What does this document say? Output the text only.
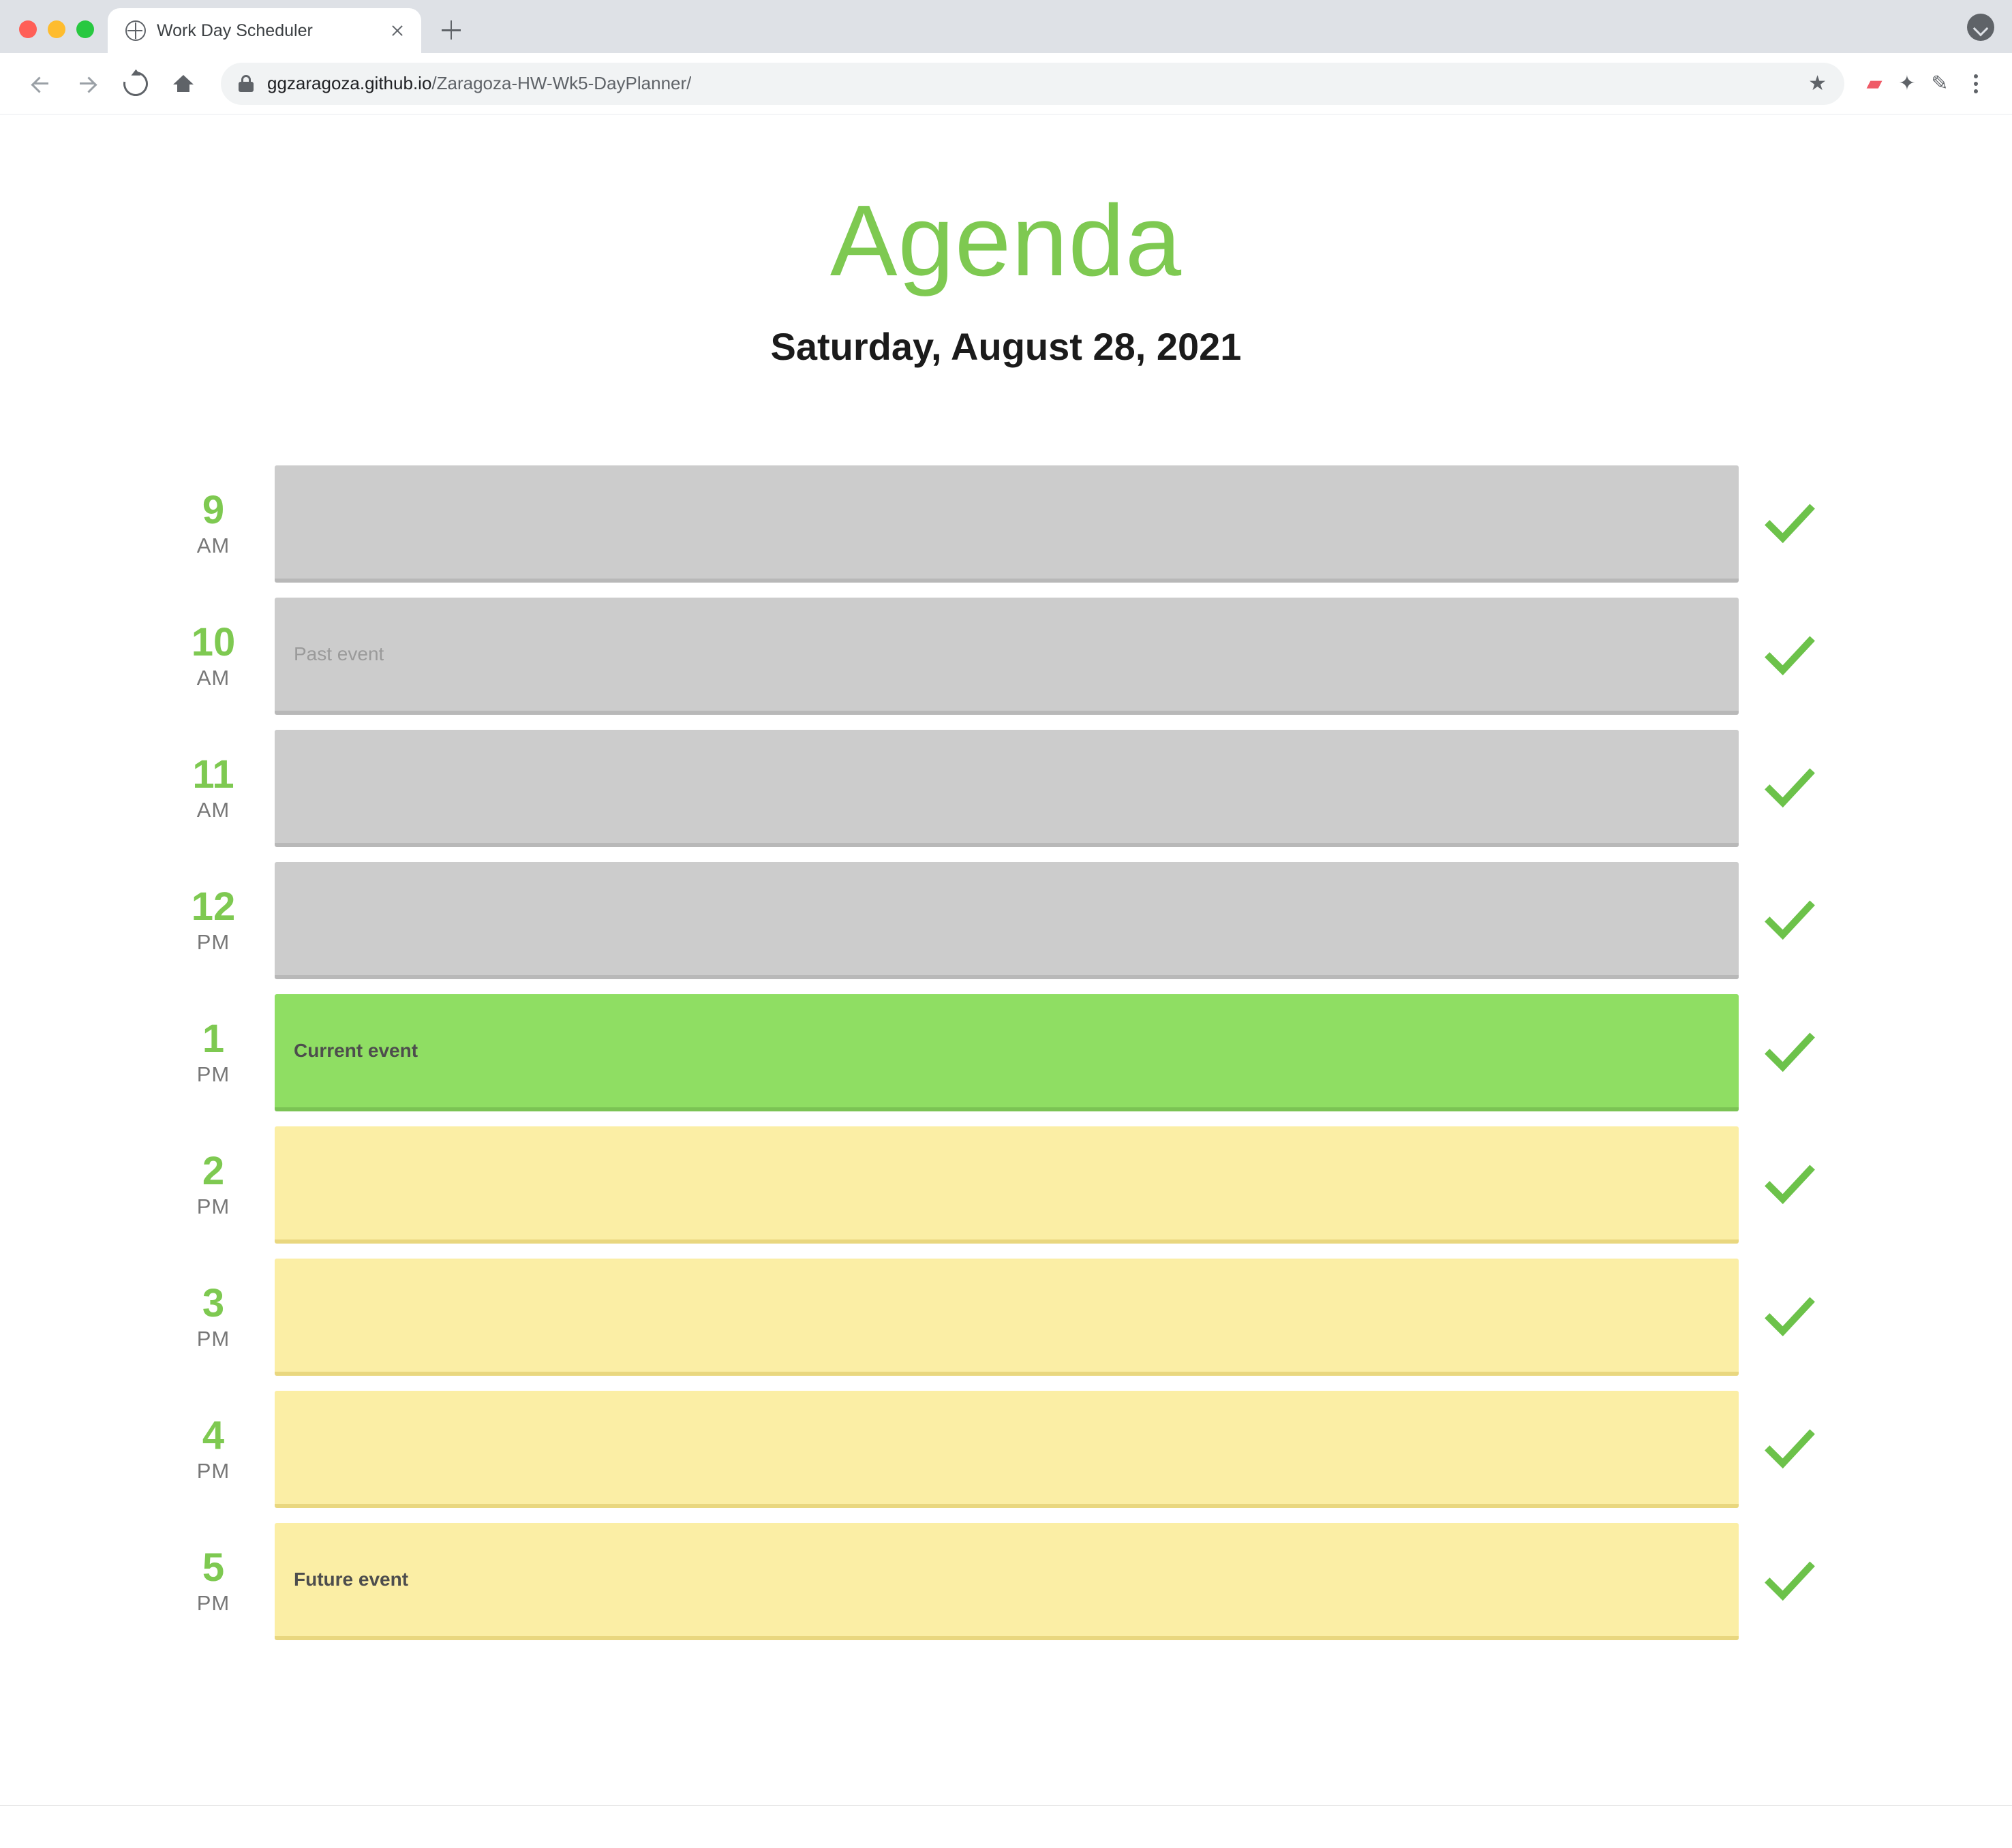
Work Day Scheduler
ggzaragoza.github.io/Zaragoza-HW-Wk5-DayPlanner/	★ ▰ ✦ ✎
Agenda
Saturday, August 28, 2021
9
AM
10
AM
Past event
11
AM
12
PM
1
PM
Current event
2
PM
3
PM
4
PM
5
PM
Future event
